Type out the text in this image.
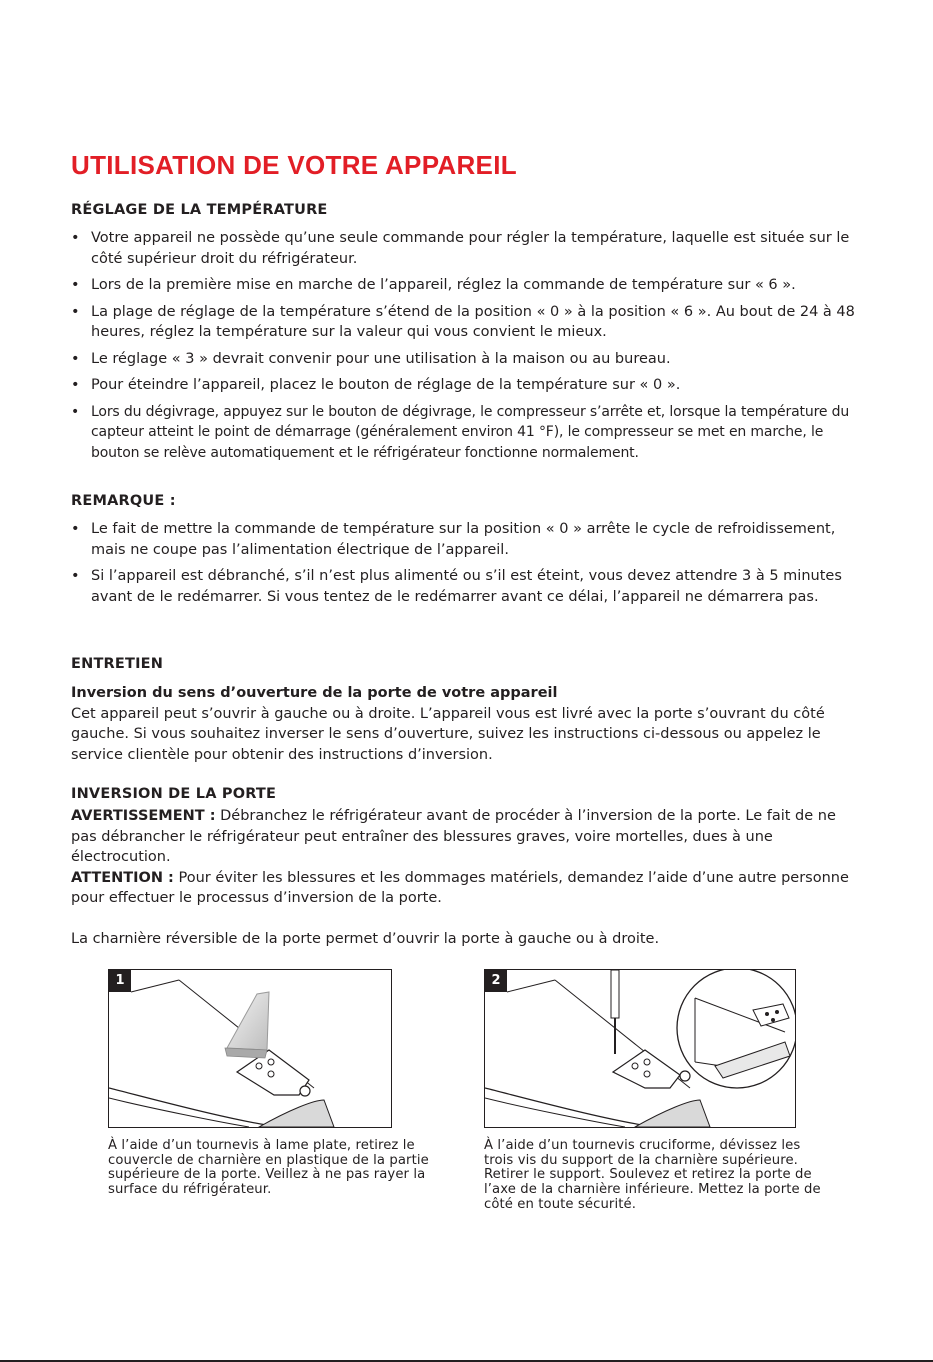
UTILISATION DE VOTRE APPAREIL
RÉGLAGE DE LA TEMPÉRATURE
• Votre appareil ne possède qu’une seule commande pour régler la température, laquelle est située sur le côté supérieur droit du réfrigérateur.
• Lors de la première mise en marche de l’appareil, réglez la commande de température sur « 6 ».
• La plage de réglage de la température s’étend de la position « 0 » à la position « 6 ». Au bout de 24 à 48 heures, réglez la température sur la valeur qui vous convient le mieux.
• Le réglage « 3 » devrait convenir pour une utilisation à la maison ou au bureau.
• Pour éteindre l’appareil, placez le bouton de réglage de la température sur « 0 ».
• Lors du dégivrage, appuyez sur le bouton de dégivrage, le compresseur s’arrête et, lorsque la température du capteur atteint le point de démarrage (généralement environ 41 °F), le compresseur se met en marche, le bouton se relève automatiquement et le réfrigérateur fonctionne normalement.
REMARQUE :
• Le fait de mettre la commande de température sur la position « 0 » arrête le cycle de refroidissement, mais ne coupe pas l’alimentation électrique de l’appareil.
• Si l’appareil est débranché, s’il n’est plus alimenté ou s’il est éteint, vous devez attendre 3 à 5 minutes avant de le redémarrer. Si vous tentez de le redémarrer avant ce délai, l’appareil ne démarrera pas.
ENTRETIEN
Inversion du sens d’ouverture de la porte de votre appareil
Cet appareil peut s’ouvrir à gauche ou à droite. L’appareil vous est livré avec la porte s’ouvrant du côté gauche. Si vous souhaitez inverser le sens d’ouverture, suivez les instructions ci-dessous ou appelez le service clientèle pour obtenir des instructions d’inversion.
INVERSION DE LA PORTE
AVERTISSEMENT : Débranchez le réfrigérateur avant de procéder à l’inversion de la porte. Le fait de ne pas débrancher le réfrigérateur peut entraîner des blessures graves, voire mortelles, dues à une électrocution.
ATTENTION : Pour éviter les blessures et les dommages matériels, demandez l’aide d’une autre personne pour effectuer le processus d’inversion de la porte.
La charnière réversible de la porte permet d’ouvrir la porte à gauche ou à droite.
1	2

À l’aide d’un tournevis à lame plate, retirez le couvercle de charnière en plastique de la partie supérieure de la porte. Veillez à ne pas rayer la surface du réfrigérateur.

À l’aide d’un tournevis cruciforme, dévissez les trois vis du support de la charnière supérieure. Retirer le support. Soulevez et retirez la porte de l’axe de la charnière inférieure. Mettez la porte de côté en toute sécurité.
